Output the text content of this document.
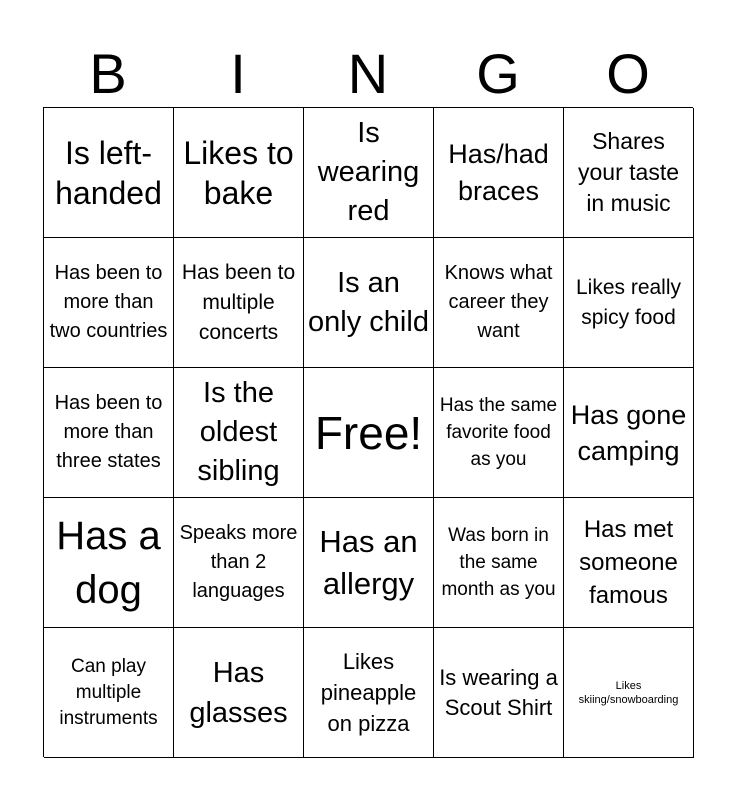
B	I	N	G	O
Is left-handed
Likes to bake
Is wearing red
Has/had braces
Shares your taste in music
Has been to more than two countries
Has been to multiple concerts
Is an only child
Knows what career they want
Likes really spicy food
Has been to more than three states
Is the oldest sibling
Free!
Has the same favorite food as you
Has gone camping
Has a dog
Speaks more than 2 languages
Has an allergy
Was born in the same month as you
Has met someone famous
Can play multiple instruments
Has glasses
Likes pineapple on pizza
Is wearing a Scout Shirt
Likes skiing/snowboarding
